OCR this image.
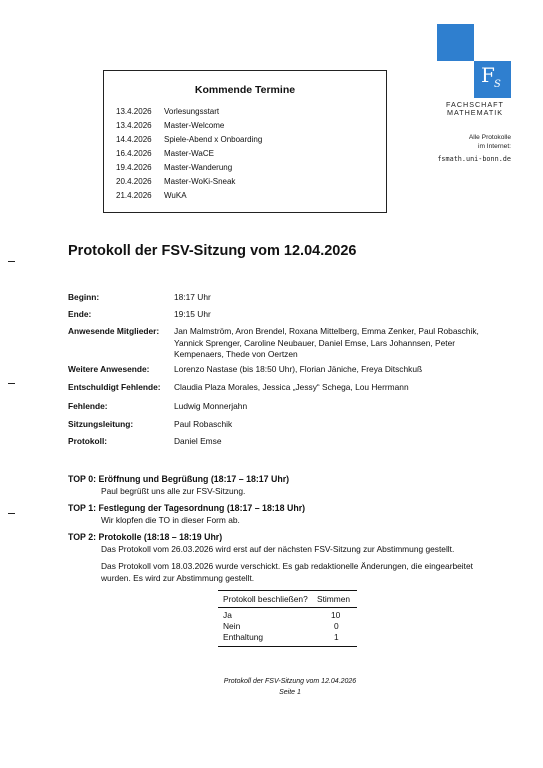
Kommende Termine
13.4.2026 Vorlesungsstart
13.4.2026 Master-Welcome
14.4.2026 Spiele-Abend x Onboarding
16.4.2026 Master-WaCE
19.4.2026 Master-Wanderung
20.4.2026 Master-WoKi-Sneak
21.4.2026 WuKA
F S
FACHSCHAFT
MATHEMATIK
Alle Protokolle
im Internet:
fsmath.uni-bonn.de
Protokoll der FSV-Sitzung vom 12.04.2026
Beginn:	18:17 Uhr
Ende:	19:15 Uhr
Anwesende Mitglieder: Jan Malmström, Aron Brendel, Roxana Mittelberg, Emma Zenker, Paul Robaschik, Yannick Sprenger, Caroline Neubauer, Daniel Emse, Lars Johannsen, Peter Kempenaers, Thede von Oertzen
Weitere Anwesende:	Lorenzo Nastase (bis 18:50 Uhr), Florian Jäniche, Freya Ditschkuß
Entschuldigt Fehlende: Claudia Plaza Morales, Jessica „Jessy“ Schega, Lou Herrmann
Fehlende:	Ludwig Monnerjahn
Sitzungsleitung:	Paul Robaschik
Protokoll:	Daniel Emse
TOP 0: Eröffnung und Begrüßung (18:17 – 18:17 Uhr)
Paul begrüßt uns alle zur FSV-Sitzung.
TOP 1: Festlegung der Tagesordnung (18:17 – 18:18 Uhr)
Wir klopfen die TO in dieser Form ab.
TOP 2: Protokolle (18:18 – 18:19 Uhr)
Das Protokoll vom 26.03.2026 wird erst auf der nächsten FSV-Sitzung zur Abstimmung gestellt.
Das Protokoll vom 18.03.2026 wurde verschickt. Es gab redaktionelle Änderungen, die eingearbeitet wurden. Es wird zur Abstimmung gestellt.
Protokoll beschließen? Stimmen
Ja	10
Nein	0
Enthaltung	1
Protokoll der FSV-Sitzung vom 12.04.2026
Seite 1
